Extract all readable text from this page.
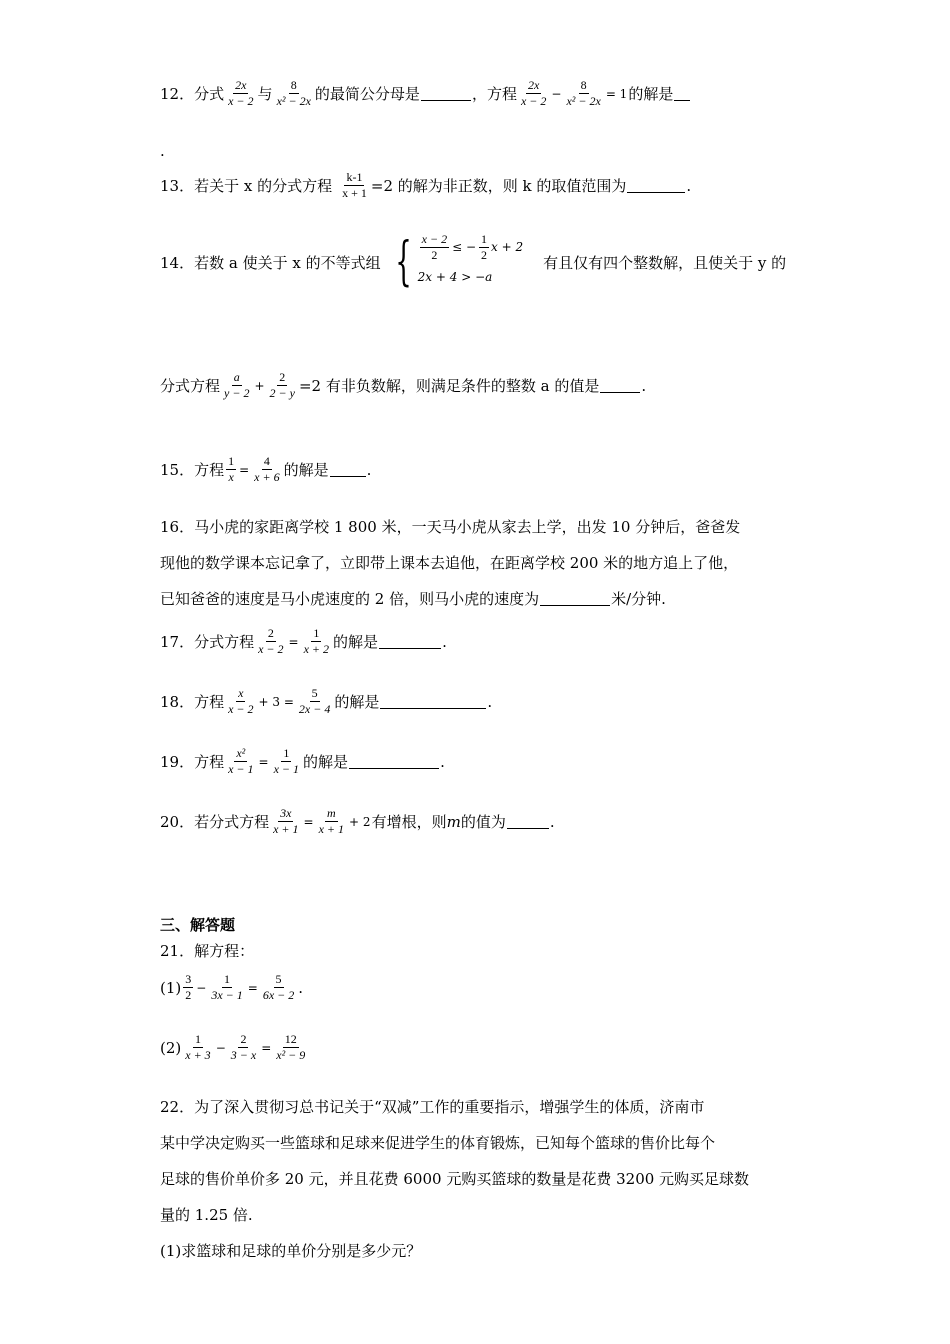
12． 分式 $\frac{2x}{x - 2}$ 与 $\frac{8}{\text{x² − 2x}}$ 的最简公分母是	，方程 $\frac{2x}{x - 2} - \frac{8}{\text{x² − 2x}} = 1$ 的解是
.
13． 若关于 x 的分式方程 $\frac{k-1}{x + 1} =2$ 的解为非正数，则 k 的取值范围为	.
14． 若数 a 使关于 x 的不等式组 { $\frac{x - 2}{2}$ ≤ − $\frac{1}{2}$ x + 2
2x + 4 > −a
有且仅有四个整数解，且使关于 y 的
分式方程 $\frac{a}{y - 2} + \frac{2}{2 - y} =2$ 有非负数解，则满足条件的整数 a 的值是	.
15． 方程 $\frac{1}{x} = \frac{4}{x + 6}$ 的解是	.
16．马小虎的家距离学校 1 800 米，一天马小虎从家去上学，出发 10 分钟后，爸爸发
现他的数学课本忘记拿了，立即带上课本去追他，在距离学校 200 米的地方追上了他，
已知爸爸的速度是马小虎速度的 2 倍，则马小虎的速度为	米/分钟.
17． 分式方程 $\frac{2}{x - 2} = \frac{1}{x + 2}$ 的解是	.
18． 方程 $\frac{x}{x - 2} + 3 = \frac{5}{2x - 4}$ 的解是	.
19． 方程 $\frac{\text{x²}}{x - 1} = \frac{1}{x - 1}$ 的解是	.
20． 若分式方程 $\frac{3x}{x + 1} = \frac{m}{x + 1} + 2$ 有增根，则 m 的值为	.
三、解答题
21．解方程：
$(1) \frac{3}{2} - \frac{1}{3x - 1} = \frac{5}{6x - 2}$ .
$(2) \frac{1}{x + 3} - \frac{2}{3 - x} = \frac{12}{\text{x² − 9}}$
22．为了深入贯彻习总书记关于“双减”工作的重要指示，增强学生的体质，济南市
某中学决定购买一些篮球和足球来促进学生的体育锻炼，已知每个篮球的售价比每个
足球的售价单价多 20 元，并且花费 6000 元购买篮球的数量是花费 3200 元购买足球数
量的 1.25 倍.
(1)求篮球和足球的单价分别是多少元？
